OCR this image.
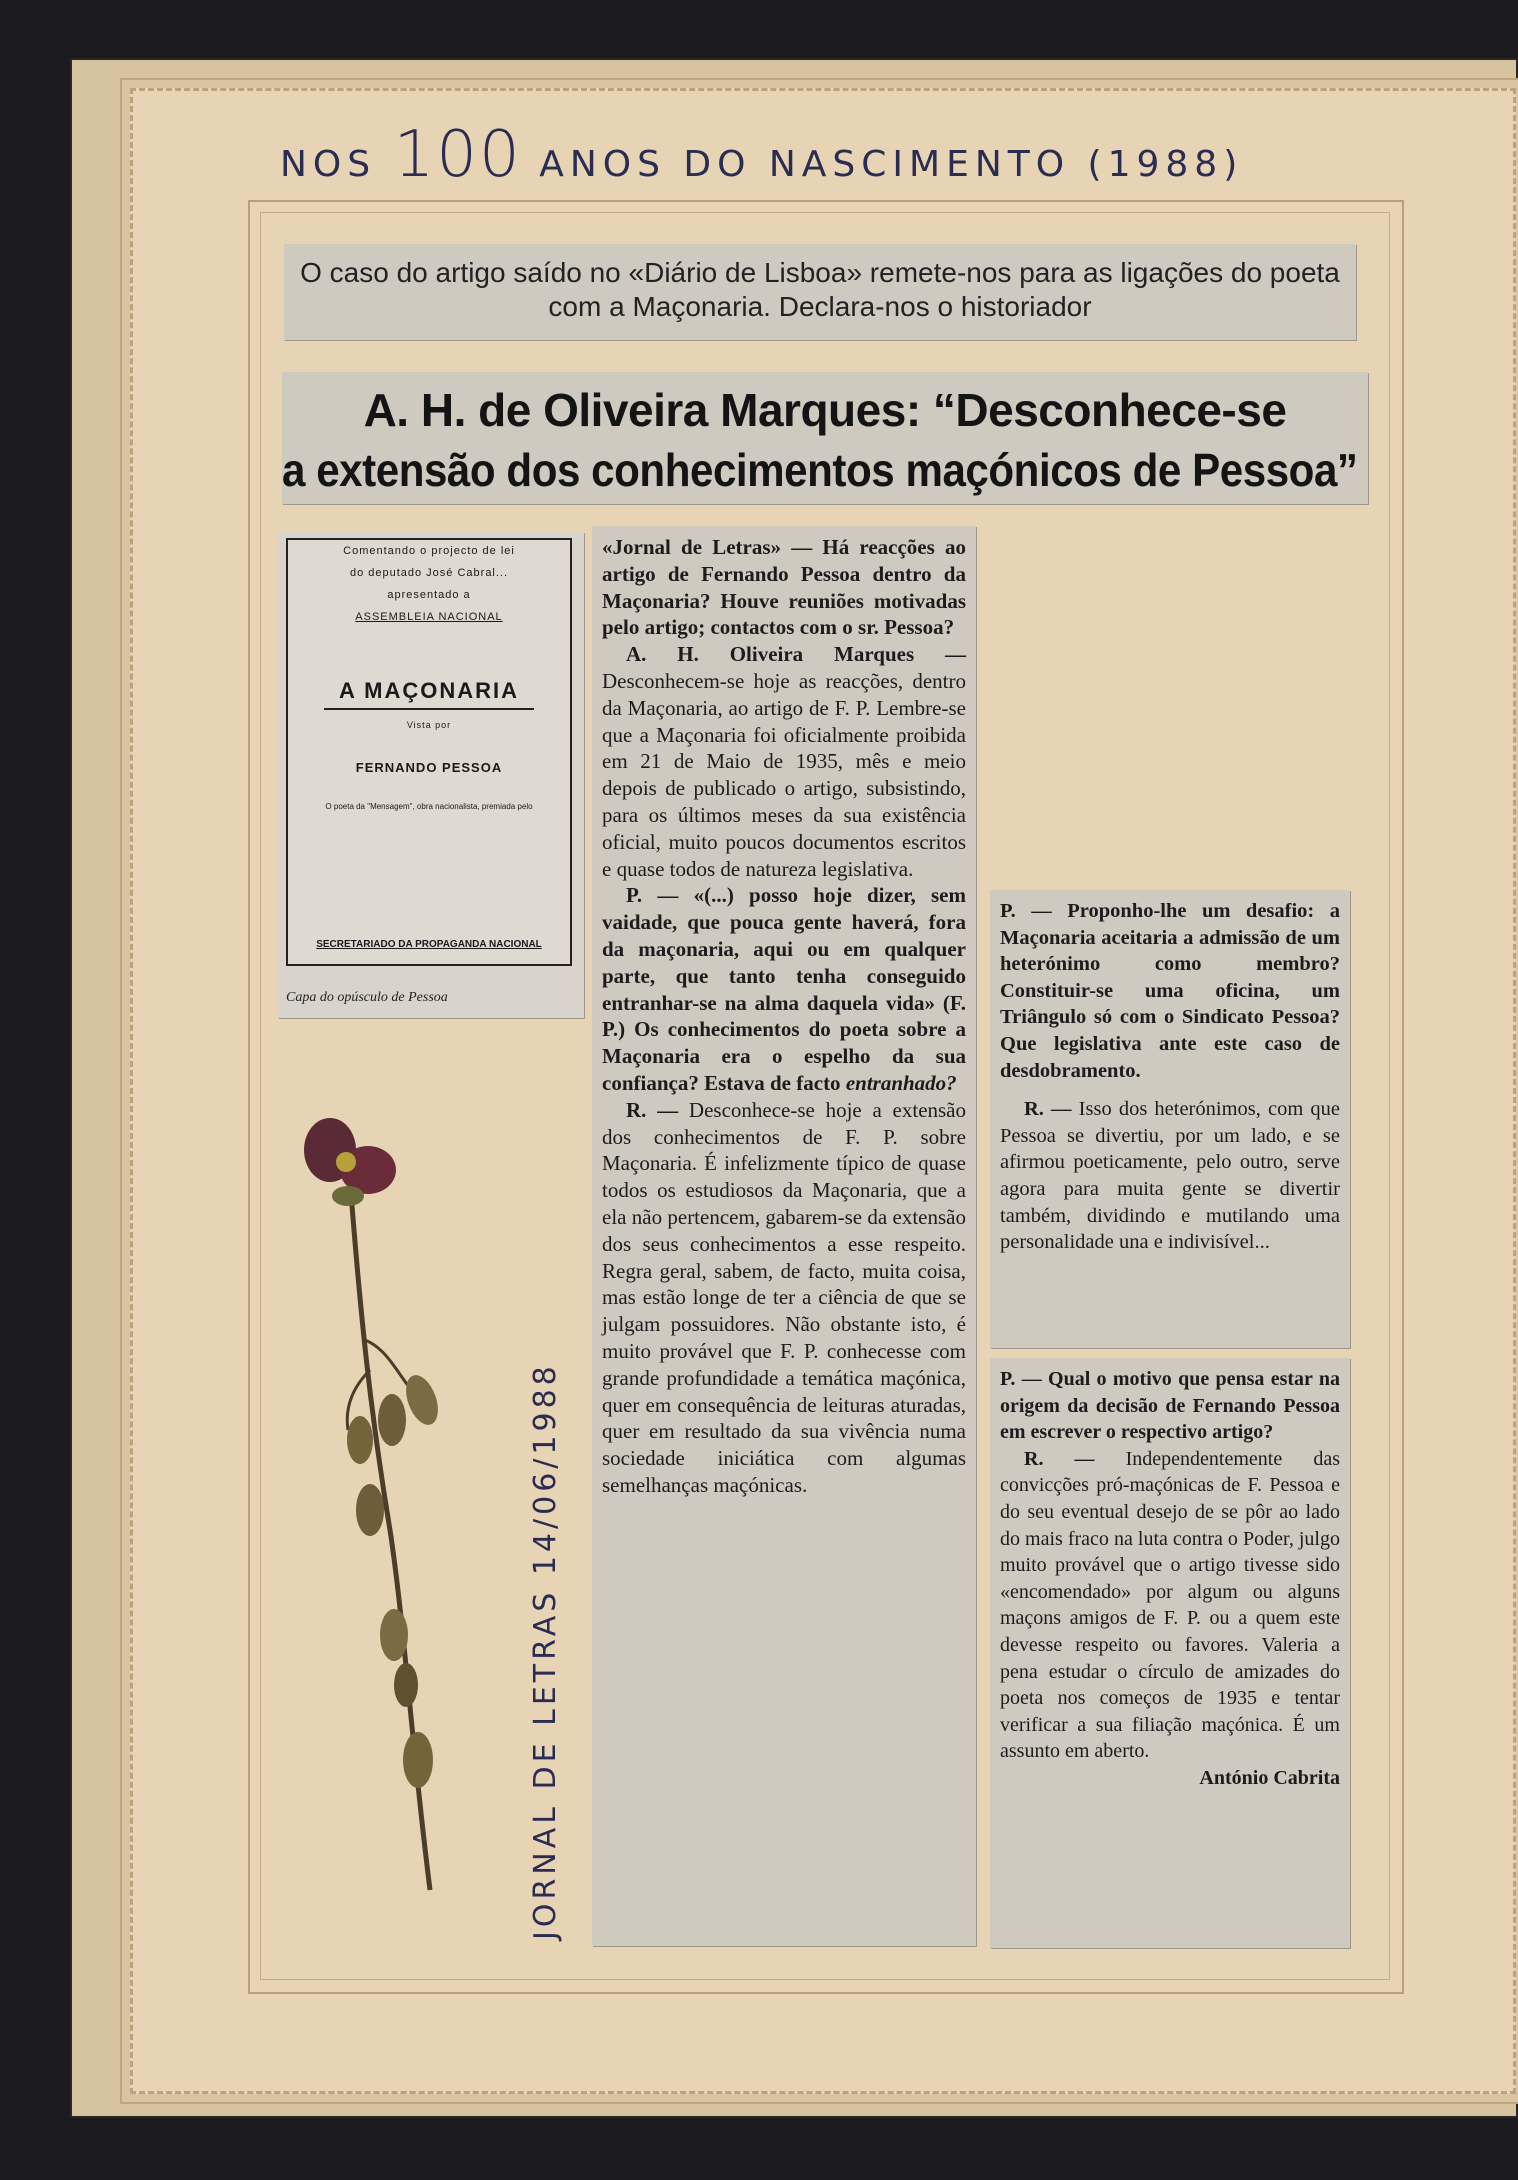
NOS 100 ANOS DO NASCIMENTO (1988)
O caso do artigo saído no «Diário de Lisboa» remete-nos para as ligações do poeta com a Maçonaria. Declara-nos o historiador
A. H. de Oliveira Marques: “Desconhece-se
a extensão dos conhecimentos maçónicos de Pessoa”
Comentando o projecto de lei
do deputado José Cabral...
apresentado a
ASSEMBLEIA NACIONAL
A MAÇONARIA
Vista por
FERNANDO PESSOA
O poeta da "Mensagem", obra nacionalista, premiada pelo
SECRETARIADO DA PROPAGANDA NACIONAL
Capa do opúsculo de Pessoa

«Jornal de Letras» — Há reacções ao artigo de Fernando Pessoa dentro da Maçonaria? Houve reuniões motivadas pelo artigo; contactos com o sr. Pessoa?

A. H. Oliveira Marques — Desconhecem-se hoje as reacções, dentro da Maçonaria, ao artigo de F. P. Lembre-se que a Maçonaria foi oficialmente proibida em 21 de Maio de 1935, mês e meio depois de publicado o artigo, subsistindo, para os últimos meses da sua existência oficial, muito poucos documentos escritos e quase todos de natureza legislativa.

P. — «(...) posso hoje dizer, sem vaidade, que pouca gente haverá, fora da maçonaria, aqui ou em qualquer parte, que tanto tenha conseguido entranhar-se na alma daquela vida» (F. P.) Os conhecimentos do poeta sobre a Maçonaria era o espelho da sua confiança? Estava de facto entranhado?

R. — Desconhece-se hoje a extensão dos conhecimentos de F. P. sobre Maçonaria. É infelizmente típico de quase todos os estudiosos da Maçonaria, que a ela não pertencem, gabarem-se da extensão dos seus conhecimentos a esse respeito. Regra geral, sabem, de facto, muita coisa, mas estão longe de ter a ciência de que se julgam possuidores. Não obstante isto, é muito provável que F. P. conhecesse com grande profundidade a temática maçónica, quer em consequência de leituras aturadas, quer em resultado da sua vivência numa sociedade iniciática com algumas semelhanças maçónicas.

P. — Proponho-lhe um desafio: a Maçonaria aceitaria a admissão de um heterónimo como membro? Constituir-se uma oficina, um Triângulo só com o Sindicato Pessoa? Que legislativa ante este caso de desdobramento.

R. — Isso dos heterónimos, com que Pessoa se divertiu, por um lado, e se afirmou poeticamente, pelo outro, serve agora para muita gente se divertir também, dividindo e mutilando uma personalidade una e indivisível...

P. — Qual o motivo que pensa estar na origem da decisão de Fernando Pessoa em escrever o respectivo artigo?

R. — Independentemente das convicções pró-maçónicas de F. Pessoa e do seu eventual desejo de se pôr ao lado do mais fraco na luta contra o Poder, julgo muito provável que o artigo tivesse sido «encomendado» por algum ou alguns maçons amigos de F. P. ou a quem este devesse respeito ou favores. Valeria a pena estudar o círculo de amizades do poeta nos começos de 1935 e tentar verificar a sua filiação maçónica. É um assunto em aberto.

António Cabrita

JORNAL DE LETRAS 14/06/1988
